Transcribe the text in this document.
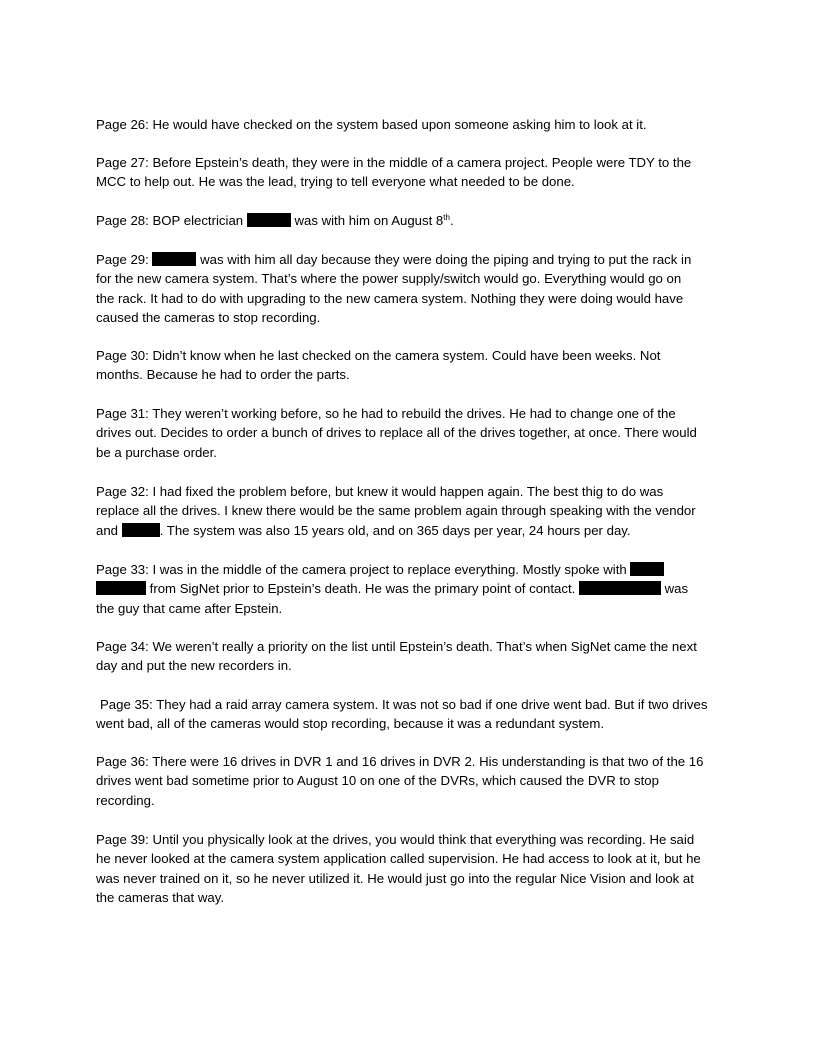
Page 26: He would have checked on the system based upon someone asking him to look at it.

Page 27: Before Epstein’s death, they were in the middle of a camera project. People were TDY to the
MCC to help out. He was the lead, trying to tell everyone what needed to be done.

Page 28: BOP electrician	was with him on August 8th.

Page 29:	was with him all day because they were doing the piping and trying to put the rack in
for the new camera system. That’s where the power supply/switch would go. Everything would go on
the rack. It had to do with upgrading to the new camera system. Nothing they were doing would have
caused the cameras to stop recording.

Page 30: Didn’t know when he last checked on the camera system. Could have been weeks. Not
months. Because he had to order the parts.

Page 31: They weren’t working before, so he had to rebuild the drives. He had to change one of the
drives out. Decides to order a bunch of drives to replace all of the drives together, at once. There would
be a purchase order.

Page 32: I had fixed the problem before, but knew it would happen again. The best thig to do was
replace all the drives. I knew there would be the same problem again through speaking with the vendor
and	. The system was also 15 years old, and on 365 days per year, 24 hours per day.

Page 33: I was in the middle of the camera project to replace everything. Mostly spoke with
from SigNet prior to Epstein’s death. He was the primary point of contact.	was
the guy that came after Epstein.

Page 34: We weren’t really a priority on the list until Epstein’s death. That’s when SigNet came the next
day and put the new recorders in.

Page 35: They had a raid array camera system. It was not so bad if one drive went bad. But if two drives
went bad, all of the cameras would stop recording, because it was a redundant system.

Page 36: There were 16 drives in DVR 1 and 16 drives in DVR 2. His understanding is that two of the 16
drives went bad sometime prior to August 10 on one of the DVRs, which caused the DVR to stop
recording.

Page 39: Until you physically look at the drives, you would think that everything was recording. He said
he never looked at the camera system application called supervision. He had access to look at it, but he
was never trained on it, so he never utilized it. He would just go into the regular Nice Vision and look at
the cameras that way.
